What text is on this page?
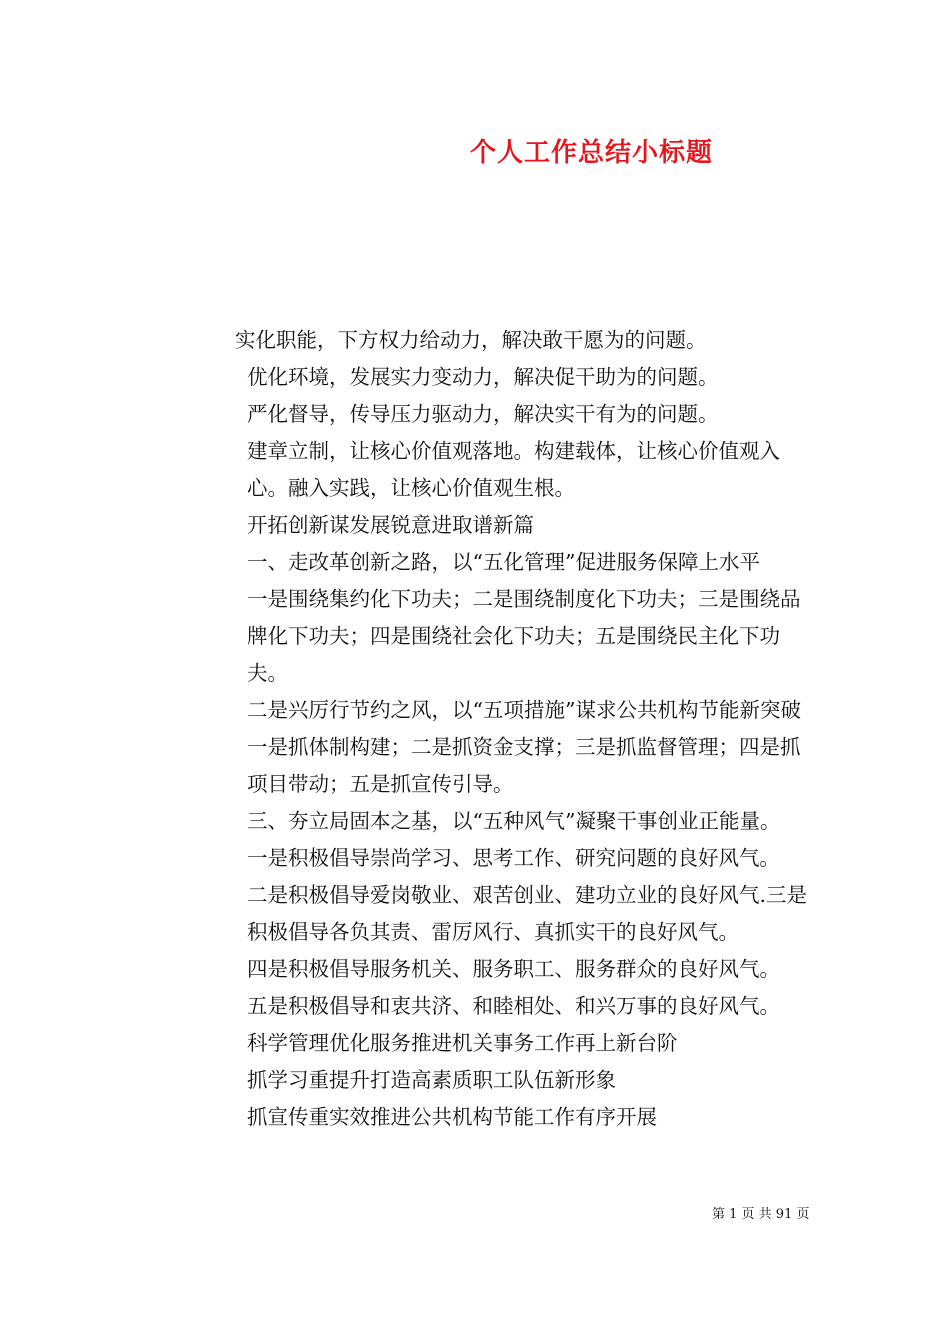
个人工作总结小标题

实化职能，下方权力给动力，解决敢干愿为的问题。

优化环境，发展实力变动力，解决促干助为的问题。

严化督导，传导压力驱动力，解决实干有为的问题。

建章立制，让核心价值观落地。构建载体，让核心价值观入心。融入实践，让核心价值观生根。

开拓创新谋发展锐意进取谱新篇

一、走改革创新之路，以“五化管理”促进服务保障上水平

一是围绕集约化下功夫；二是围绕制度化下功夫；三是围绕品牌化下功夫；四是围绕社会化下功夫；五是围绕民主化下功夫。

二是兴厉行节约之风，以“五项措施”谋求公共机构节能新突破

一是抓体制构建；二是抓资金支撑；三是抓监督管理；四是抓项目带动；五是抓宣传引导。

三、夯立局固本之基，以“五种风气”凝聚干事创业正能量。

一是积极倡导崇尚学习、思考工作、研究问题的良好风气。

二是积极倡导爱岗敬业、艰苦创业、建功立业的良好风气.三是积极倡导各负其责、雷厉风行、真抓实干的良好风气。

四是积极倡导服务机关、服务职工、服务群众的良好风气。

五是积极倡导和衷共济、和睦相处、和兴万事的良好风气。

科学管理优化服务推进机关事务工作再上新台阶

抓学习重提升打造高素质职工队伍新形象

抓宣传重实效推进公共机构节能工作有序开展

第 1 页 共 91 页
